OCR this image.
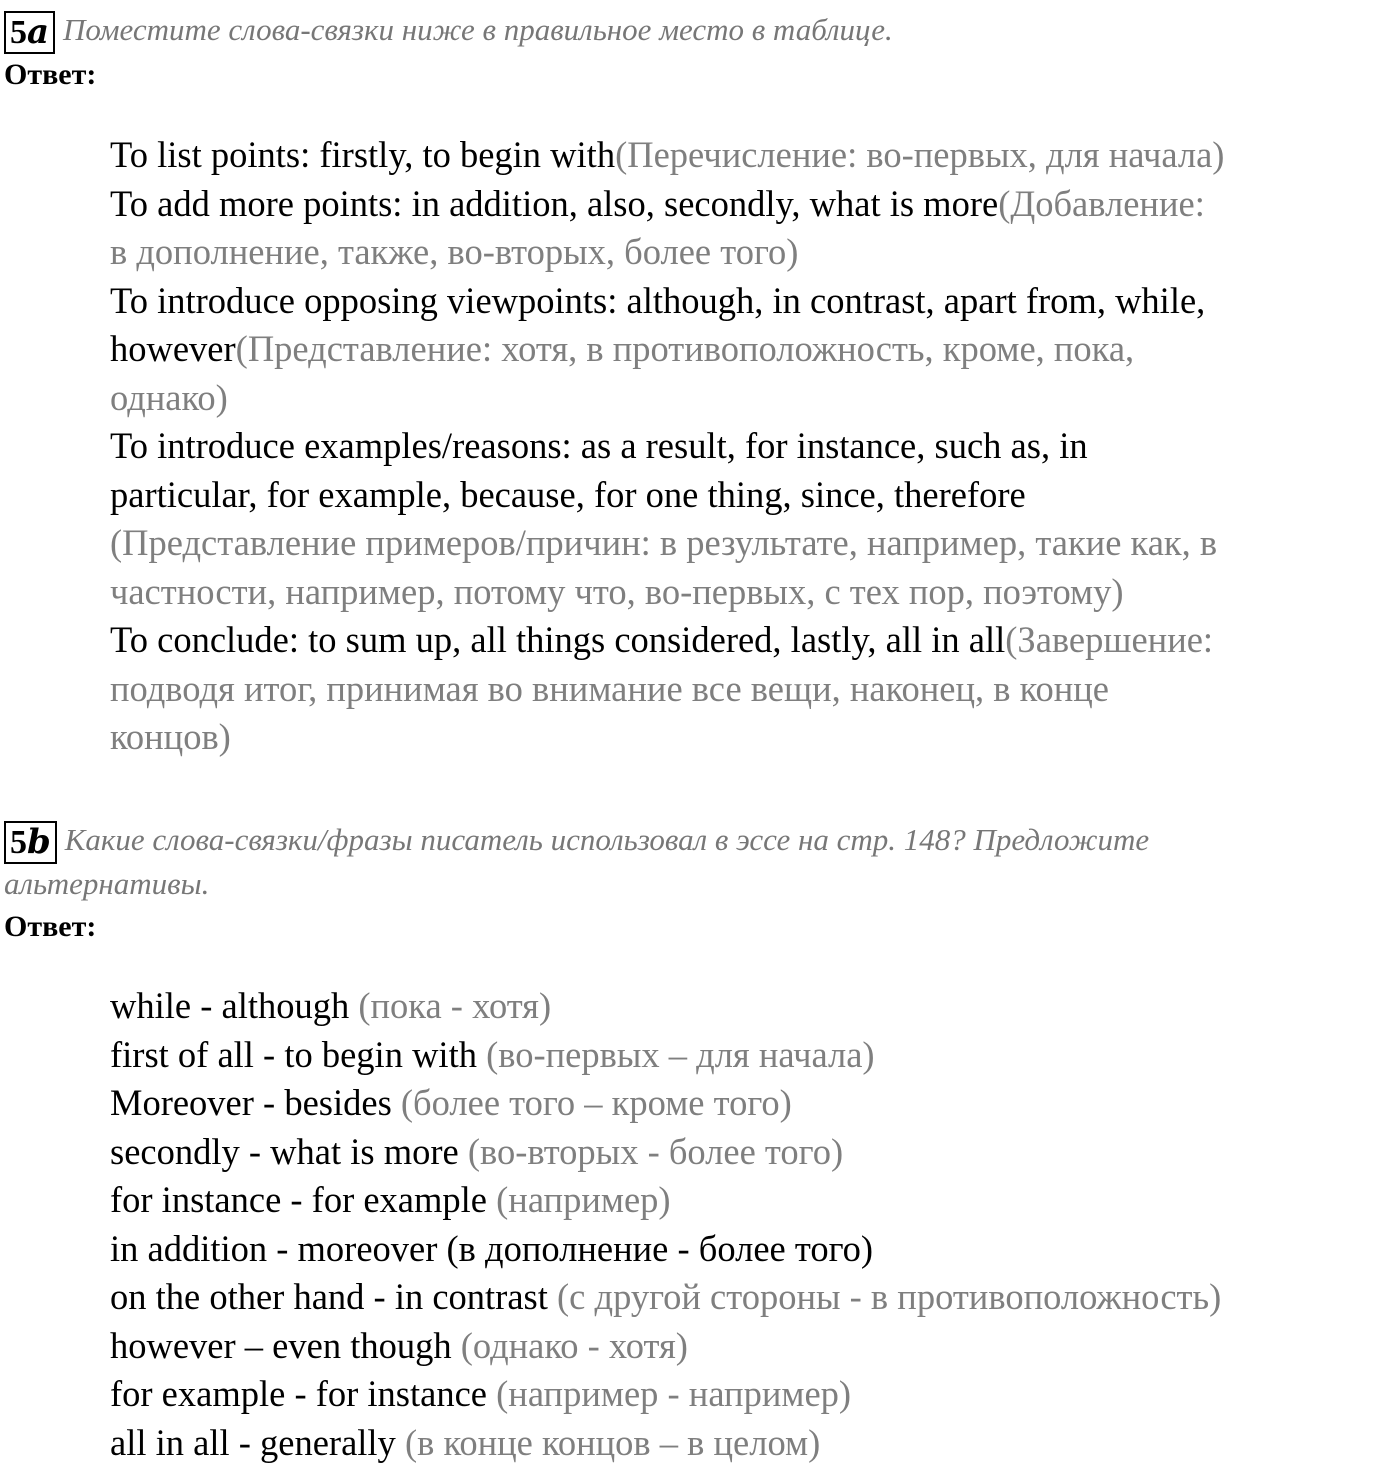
5a Поместите слова-связки ниже в правильное место в таблице.
Ответ:
To list points: firstly, to begin with(Перечисление: во-первых, для начала)
To add more points: in addition, also, secondly, what is more(Добавление:
в дополнение, также, во-вторых, более того)
To introduce opposing viewpoints: although, in contrast, apart from, while,
however(Представление: хотя, в противоположность, кроме, пока,
однако)
To introduce examples/reasons: as a result, for instance, such as, in
particular, for example, because, for one thing, since, therefore
(Представление примеров/причин: в результате, например, такие как, в
частности, например, потому что, во-первых, с тех пор, поэтому)
To conclude: to sum up, all things considered, lastly, all in all(Завершение:
подводя итог, принимая во внимание все вещи, наконец, в конце
концов)
5b Какие слова-связки/фразы писатель использовал в эссе на стр. 148? Предложите
альтернативы.
Ответ:
while - although (пока - хотя)
first of all - to begin with (во-первых – для начала)
Moreover - besides (более того – кроме того)
secondly - what is more (во-вторых - более того)
for instance - for example (например)
in addition - moreover (в дополнение - более того)
on the other hand - in contrast (с другой стороны - в противоположность)
however – even though (однако - хотя)
for example - for instance (например - например)
all in all - generally (в конце концов – в целом)
